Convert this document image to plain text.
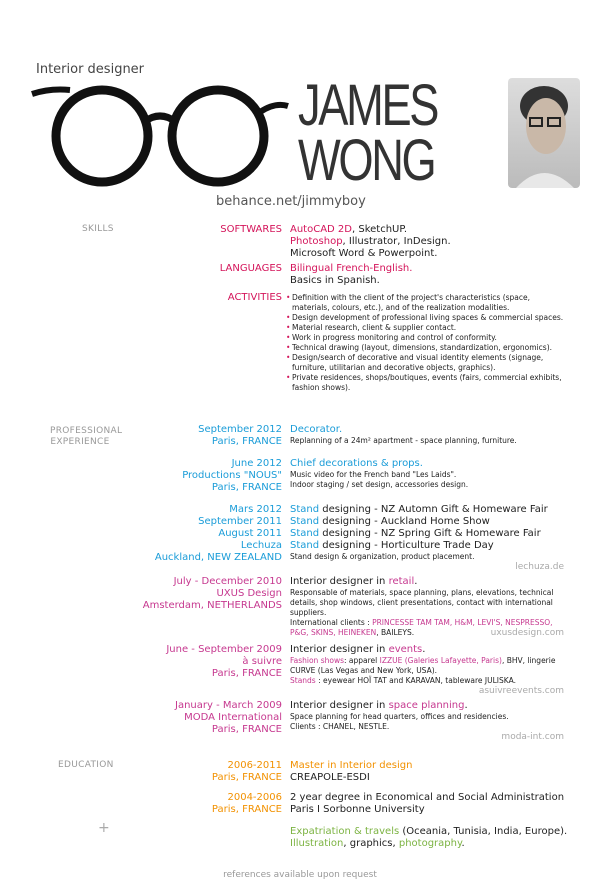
Interior designer
JAMES
WONG
behance.net/jimmyboy
SKILLS	SOFTWARES AutoCAD 2D, SketchUP.
Photoshop, Illustrator, InDesign.
Microsoft Word & Powerpoint.
LANGUAGES Bilingual French-English.
Basics in Spanish.
ACTIVITIES
•	Definition with the client of the project's characteristics (space, materials, colours, etc.), and of the realization modalities.
• Design development of professional living spaces & commercial spaces.
• Material research, client & supplier contact.
• Work in progress monitoring and control of conformity.
• Technical drawing (layout, dimensions, standardization, ergonomics).
• Design/search of decorative and visual identity elements (signage, furniture, utilitarian and decorative objects, graphics).
• Private residences, shops/boutiques, events (fairs, commercial exhibits, fashion shows).
PROFESSIONAL
EXPERIENCE
September 2012
Paris, FRANCE
Decorator.
Replanning of a 24m² apartment - space planning, furniture.
June 2012
Productions "NOUS"
Paris, FRANCE
Chief decorations & props.
Music video for the French band "Les Laids".
Indoor staging / set design, accessories design.
Mars 2012
September 2011
August 2011
Lechuza
Auckland, NEW ZEALAND
Stand designing - NZ Automn Gift & Homeware Fair
Stand designing - Auckland Home Show
Stand designing - NZ Spring Gift & Homeware Fair
Stand designing - Horticulture Trade Day
Stand design & organization, product placement.
lechuza.de
July - December 2010
UXUS Design
Amsterdam, NETHERLANDS
Interior designer in retail.
Responsable of materials, space planning, plans, elevations, technical details, shop windows, client presentations, contact with international suppliers.
International clients : PRINCESSE TAM TAM, H&M, LEVI'S, NESPRESSO, P&G, SKINS, HEINEKEN, BAILEYS.	uxusdesign.com
June - September 2009
à suivre
Paris, FRANCE
Interior designer in events.
Fashion shows: apparel IZZUE (Galeries Lafayette, Paris), BHV, lingerie CURVE (Las Vegas and New York, USA).
Stands : eyewear HOÏ TAT and KARAVAN, tableware JULISKA.
asuivreevents.com
January - March 2009
MODA International
Paris, FRANCE
Interior designer in space planning.
Space planning for head quarters, offices and residencies.
Clients : CHANEL, NESTLE.
moda-int.com
EDUCATION	2006-2011
Paris, FRANCE
Master in Interior design
CREAPOLE-ESDI
2004-2006
Paris, FRANCE
2 year degree in Economical and Social Administration
Paris I Sorbonne University
+	Expatriation & travels (Oceania, Tunisia, India, Europe).
Illustration, graphics, photography.
references available upon request
